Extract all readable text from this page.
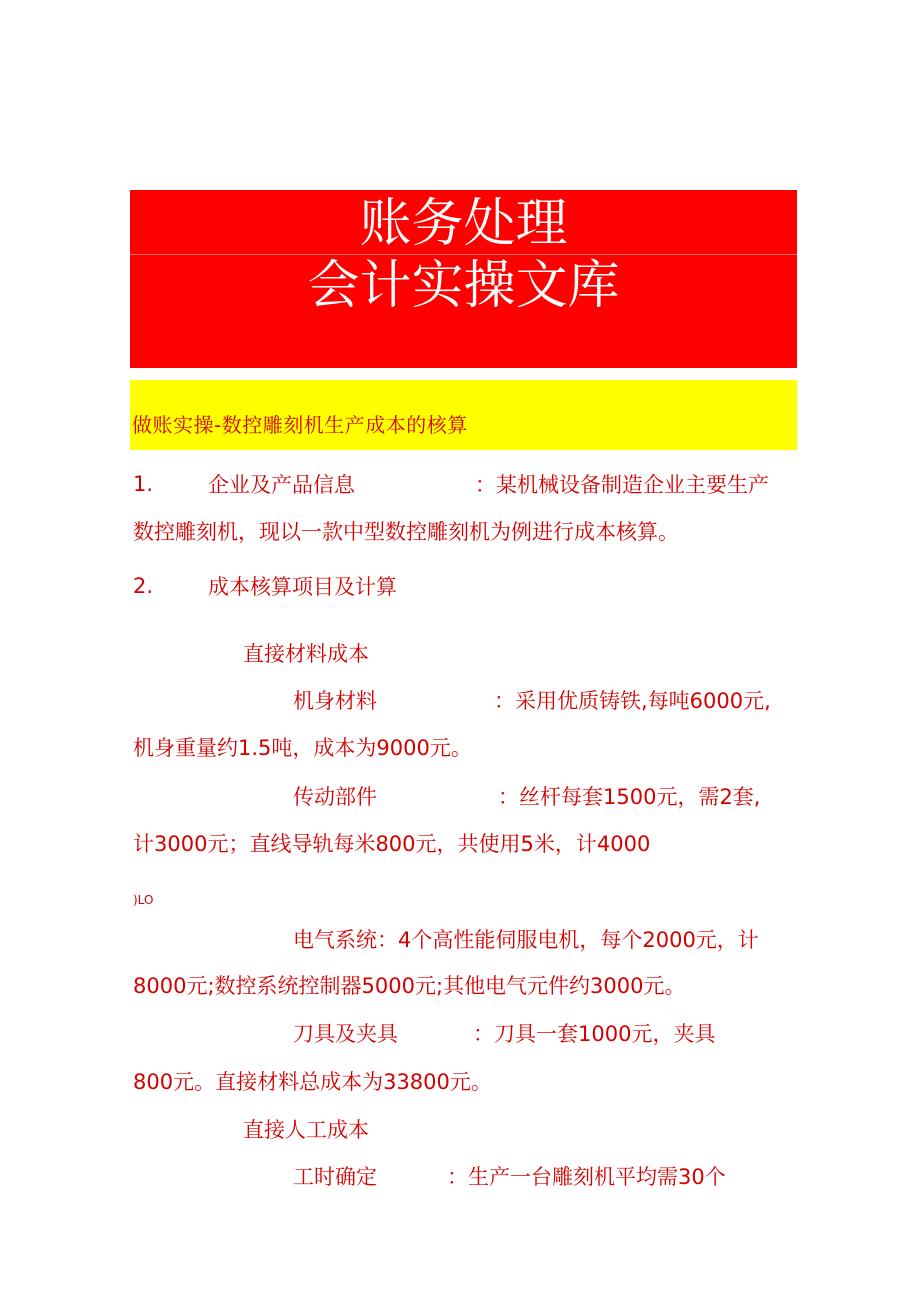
账务处理
会计实操文库
做账实操-数控雕刻机生产成本的核算
1.	企业及产品信息	：某机械设备制造企业主要生产
数控雕刻机，现以一款中型数控雕刻机为例进行成本核算。
2.	成本核算项目及计算
直接材料成本
机身材料	：采用优质铸铁,每吨6000元,
机身重量约1.5吨，成本为9000元。
传动部件	：丝杆每套1500元，需2套,
计3000元；直线导轨每米800元，共使用5米，计4000
)LO
电气系统：4个高性能伺服电机，每个2000元，计
8000元;数控系统控制器5000元;其他电气元件约3000元。
刀具及夹具	：刀具一套1000元，夹具
800元。直接材料总成本为33800元。
直接人工成本
工时确定	：生产一台雕刻机平均需30个
